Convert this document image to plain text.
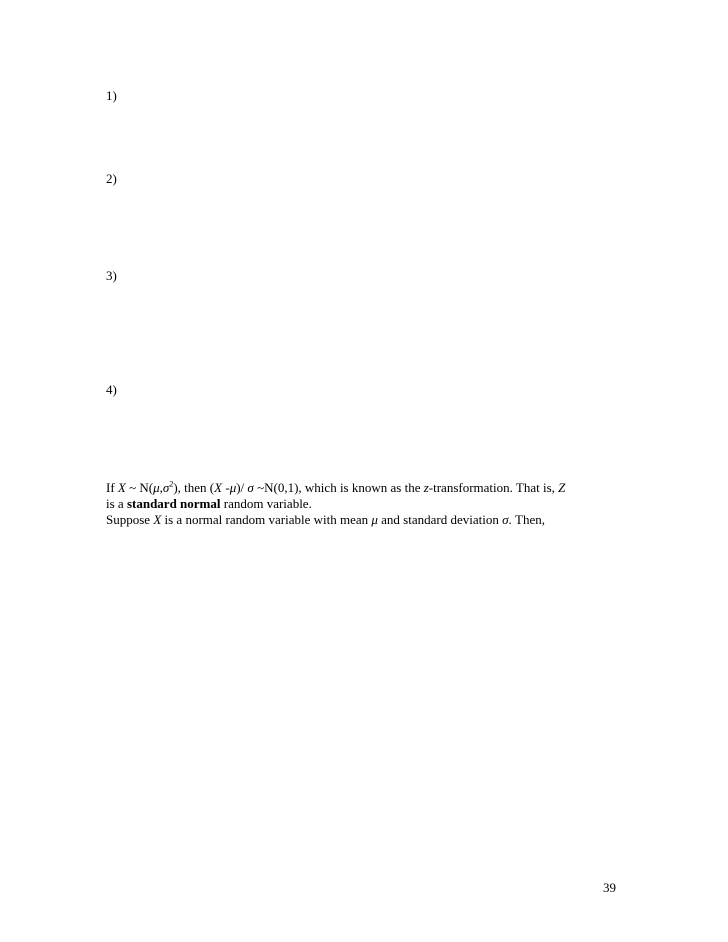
1)
2)
3)
4)
If X ~ $N(\mu,\sigma^2)$, then (X -μ)/ σ ~N(0,1), which is known as the z-transformation. That is, Z
is a standard normal random variable.
Suppose X is a normal random variable with mean μ and standard deviation σ. Then,
39
